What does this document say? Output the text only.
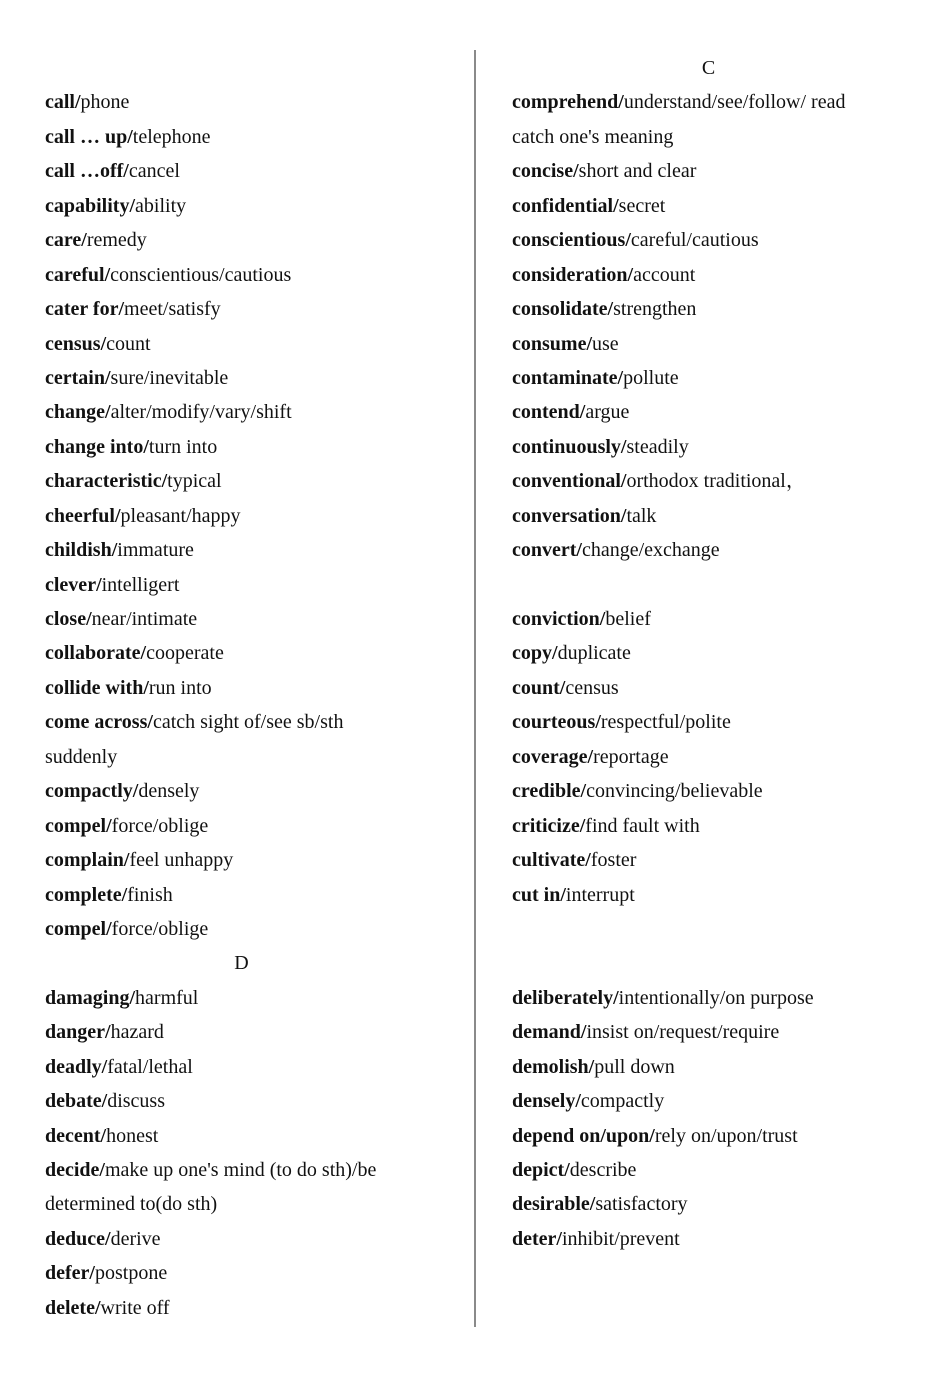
call/phone
call … up/telephone
call …off/cancel
capability/ability
care/remedy
careful/conscientious/cautious
cater for/meet/satisfy
census/count
certain/sure/inevitable
change/alter/modify/vary/shift
change into/turn into
characteristic/typical
cheerful/pleasant/happy
childish/immature
clever/intelligert
close/near/intimate
collaborate/cooperate
collide with/run into
come across/catch sight of/see sb/sth
suddenly
compactly/densely
compel/force/oblige
complain/feel unhappy
complete/finish
compel/force/oblige
D
damaging/harmful
danger/hazard
deadly/fatal/lethal
debate/discuss
decent/honest
decide/make up one's mind (to do sth)/be
determined to(do sth)
deduce/derive
defer/postpone
delete/write off
C
comprehend/understand/see/follow/ read
catch one's meaning
concise/short and clear
confidential/secret
conscientious/careful/cautious
consideration/account
consolidate/strengthen
consume/use
contaminate/pollute
contend/argue
continuously/steadily
conventional/orthodox traditional，
conversation/talk
convert/change/exchange
conviction/belief
copy/duplicate
count/census
courteous/respectful/polite
coverage/reportage
credible/convincing/believable
criticize/find fault with
cultivate/foster
cut in/interrupt
deliberately/intentionally/on purpose
demand/insist on/request/require
demolish/pull down
densely/compactly
depend on/upon/rely on/upon/trust
depict/describe
desirable/satisfactory
deter/inhibit/prevent
